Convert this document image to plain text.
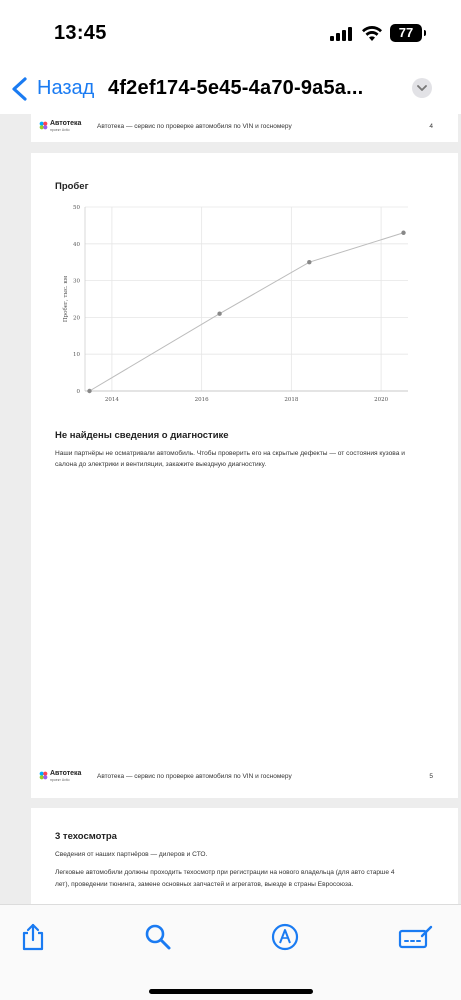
13:45	77
Назад 4f2ef174-5e45-4a70-9a5a...
Автотека
проект Avito	Автотека — сервис по проверке автомобиля по VIN и госномеру	4
Пробег
0
10
20
30
40
50
2014	2016	2018	2020
Пробег, тыс. км
Не найдены сведения о диагностике
Наши партнёры не осматривали автомобиль. Чтобы проверить его на скрытые дефекты — от состояния кузова и салона до электрики и вентиляции, закажите выездную диагностику.
Автотека
проект Avito	Автотека — сервис по проверке автомобиля по VIN и госномеру	5
3 техосмотра
Сведения от наших партнёров — дилеров и СТО.
Легковые автомобили должны проходить техосмотр при регистрации на нового владельца (для авто старше 4 лет), проведении тюнинга, замене основных запчастей и агрегатов, выезде в страны Евросоюза.
